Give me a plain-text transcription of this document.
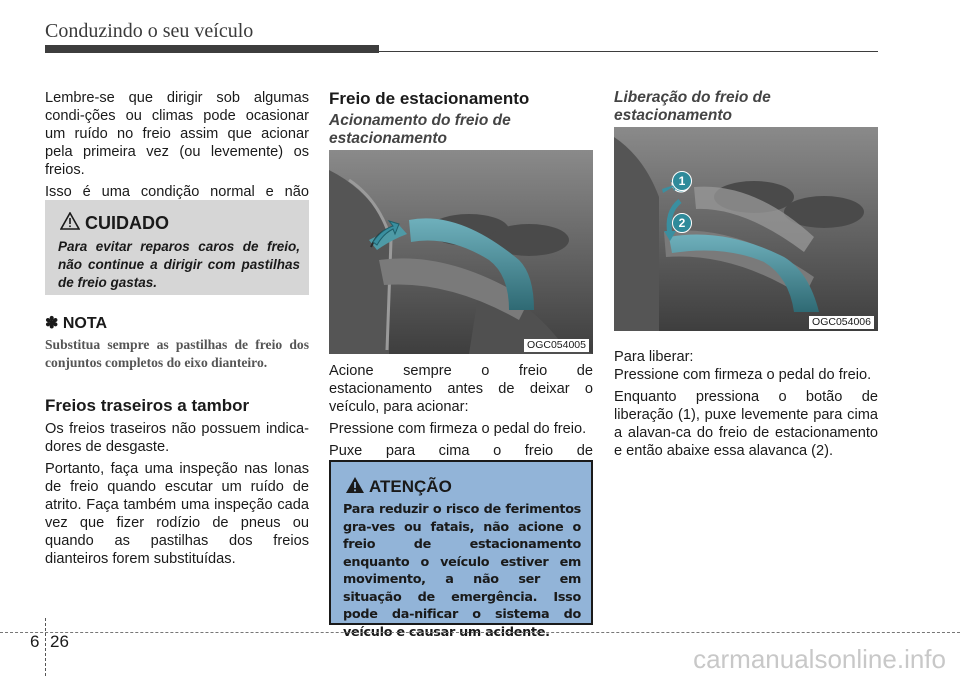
Conduzindo o seu veículo

Lembre-se que dirigir sob algumas condi-ções ou climas pode ocasionar um ruído no freio assim que acionar pela primeira vez (ou levemente) os freios.

Isso é uma condição normal e não

CUIDADO
Para evitar reparos caros de freio, não continue a dirigir com pastilhas de freio gastas.
✽ NOTA
Substitua sempre as pastilhas de freio dos conjuntos completos do eixo dianteiro.
Freios traseiros a tambor

Os freios traseiros não possuem indica-dores de desgaste.

Portanto, faça uma inspeção nas lonas de freio quando escutar um ruído de atrito. Faça também uma inspeção cada vez que fizer rodízio de pneus ou quando as pastilhas dos freios dianteiros forem substituídas.

Freio de estacionamento
Acionamento do freio de estacionamento
OGC054005

Acione sempre o freio de estacionamento antes de deixar o veículo, para acionar:

Pressione com firmeza o pedal do freio.

Puxe para cima o freio de

ATENÇÃO
Para reduzir o risco de ferimentos gra-ves ou fatais, não acione o freio de estacionamento enquanto o veículo estiver em movimento, a não ser em situação de emergência. Isso pode da-nificar o sistema do veículo e causar um acidente.
Liberação do freio de estacionamento
1
2
OGC054006

Para liberar:

Pressione com firmeza o pedal do freio.

Enquanto pressiona o botão de liberação (1), puxe levemente para cima a alavan-ca do freio de estacionamento e então abaixe essa alavanca (2).

6 26
carmanualsonline.info
